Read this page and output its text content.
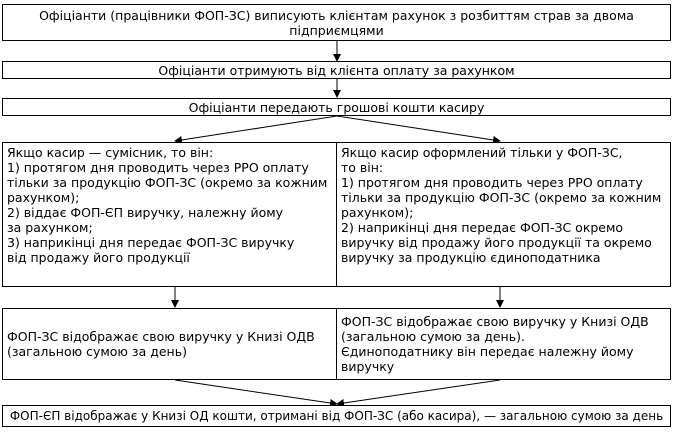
Офіціанти (працівники ФОП-ЗС) виписують клієнтам рахунок з розбиттям страв за двома
підприємцями
Офіціанти отримують від клієнта оплату за рахунком
Офіціанти передають грошові кошти касиру
Якщо касир — сумісник, то він:
1) протягом дня проводить через РРО оплату
тільки за продукцію ФОП-ЗС (окремо за кожним
рахунком);
2) віддає ФОП-ЄП виручку, належну йому
за рахунком;
3) наприкінці дня передає ФОП-ЗС виручку
від продажу його продукції
Якщо касир оформлений тільки у ФОП-ЗС,
то він:
1) протягом дня проводить через РРО оплату
тільки за продукцію ФОП-ЗС (окремо за кожним
рахунком);
2) наприкінці дня передає ФОП-ЗС окремо
виручку від продажу його продукції та окремо
виручку за продукцію єдиноподатника
ФОП-ЗС відображає свою виручку у Книзі ОДВ
(загальною сумою за день)
ФОП-ЗС відображає свою виручку у Книзі ОДВ
(загальною сумою за день).
Єдиноподатнику він передає належну йому
виручку
ФОП-ЄП відображає у Книзі ОД кошти, отримані від ФОП-ЗС (або касира), — загальною сумою за день
